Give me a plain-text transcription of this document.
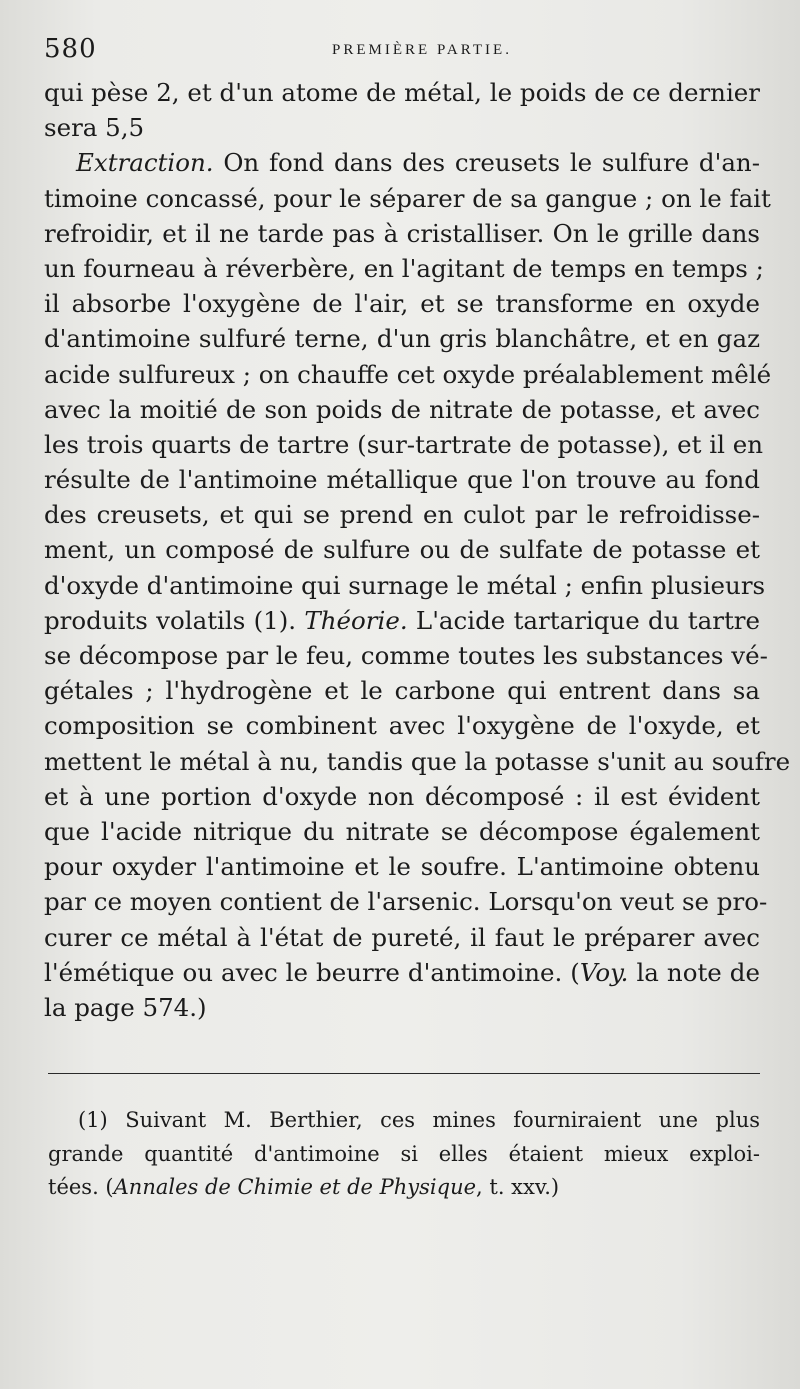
580	PREMIÈRE PARTIE.
qui pèse 2, et d'un atome de métal, le poids de ce dernier
sera 5,5
Extraction. On fond dans des creusets le sulfure d'an-
timoine concassé, pour le séparer de sa gangue ; on le fait
refroidir, et il ne tarde pas à cristalliser. On le grille dans
un fourneau à réverbère, en l'agitant de temps en temps ;
il absorbe l'oxygène de l'air, et se transforme en oxyde
d'antimoine sulfuré terne, d'un gris blanchâtre, et en gaz
acide sulfureux ; on chauffe cet oxyde préalablement mêlé
avec la moitié de son poids de nitrate de potasse, et avec
les trois quarts de tartre (sur-tartrate de potasse), et il en
résulte de l'antimoine métallique que l'on trouve au fond
des creusets, et qui se prend en culot par le refroidisse-
ment, un composé de sulfure ou de sulfate de potasse et
d'oxyde d'antimoine qui surnage le métal ; enfin plusieurs
produits volatils (1). Théorie. L'acide tartarique du tartre
se décompose par le feu, comme toutes les substances vé-
gétales ; l'hydrogène et le carbone qui entrent dans sa
composition se combinent avec l'oxygène de l'oxyde, et
mettent le métal à nu, tandis que la potasse s'unit au soufre
et à une portion d'oxyde non décomposé : il est évident
que l'acide nitrique du nitrate se décompose également
pour oxyder l'antimoine et le soufre. L'antimoine obtenu
par ce moyen contient de l'arsenic. Lorsqu'on veut se pro-
curer ce métal à l'état de pureté, il faut le préparer avec
l'émétique ou avec le beurre d'antimoine. (Voy. la note de
la page 574.)
(1) Suivant M. Berthier, ces mines fourniraient une plus
grande quantité d'antimoine si elles étaient mieux exploi-
tées. (Annales de Chimie et de Physique, t. xxv.)
